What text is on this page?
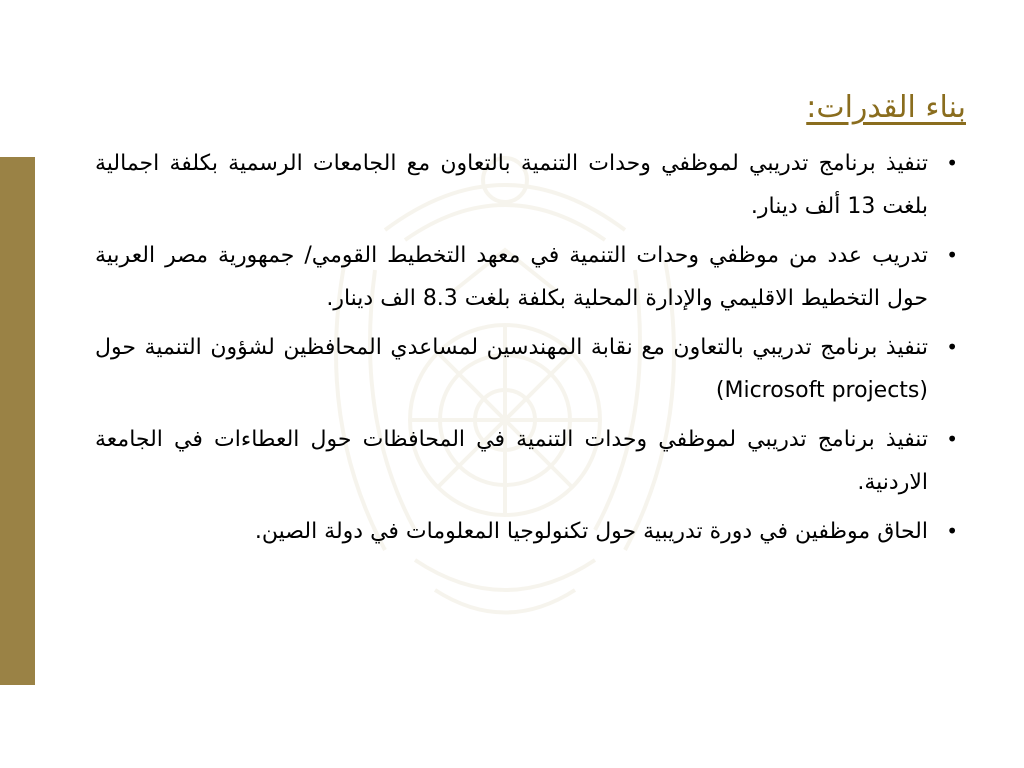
بناء القدرات:
•
تنفيذ برنامج تدريبي لموظفي وحدات التنمية بالتعاون مع الجامعات الرسمية بكلفة اجمالية بلغت 13 ألف دينار.
•
تدريب عدد من موظفي وحدات التنمية في معهد التخطيط القومي/ جمهورية مصر العربية حول التخطيط الاقليمي والإدارة المحلية بكلفة بلغت 8.3 الف دينار.
•
تنفيذ برنامج تدريبي بالتعاون مع نقابة المهندسين لمساعدي المحافظين لشؤون التنمية حول (Microsoft projects)
•
تنفيذ برنامج تدريبي لموظفي وحدات التنمية في المحافظات حول العطاءات في الجامعة الاردنية.
•
الحاق موظفين في دورة تدريبية حول تكنولوجيا المعلومات في دولة الصين.
